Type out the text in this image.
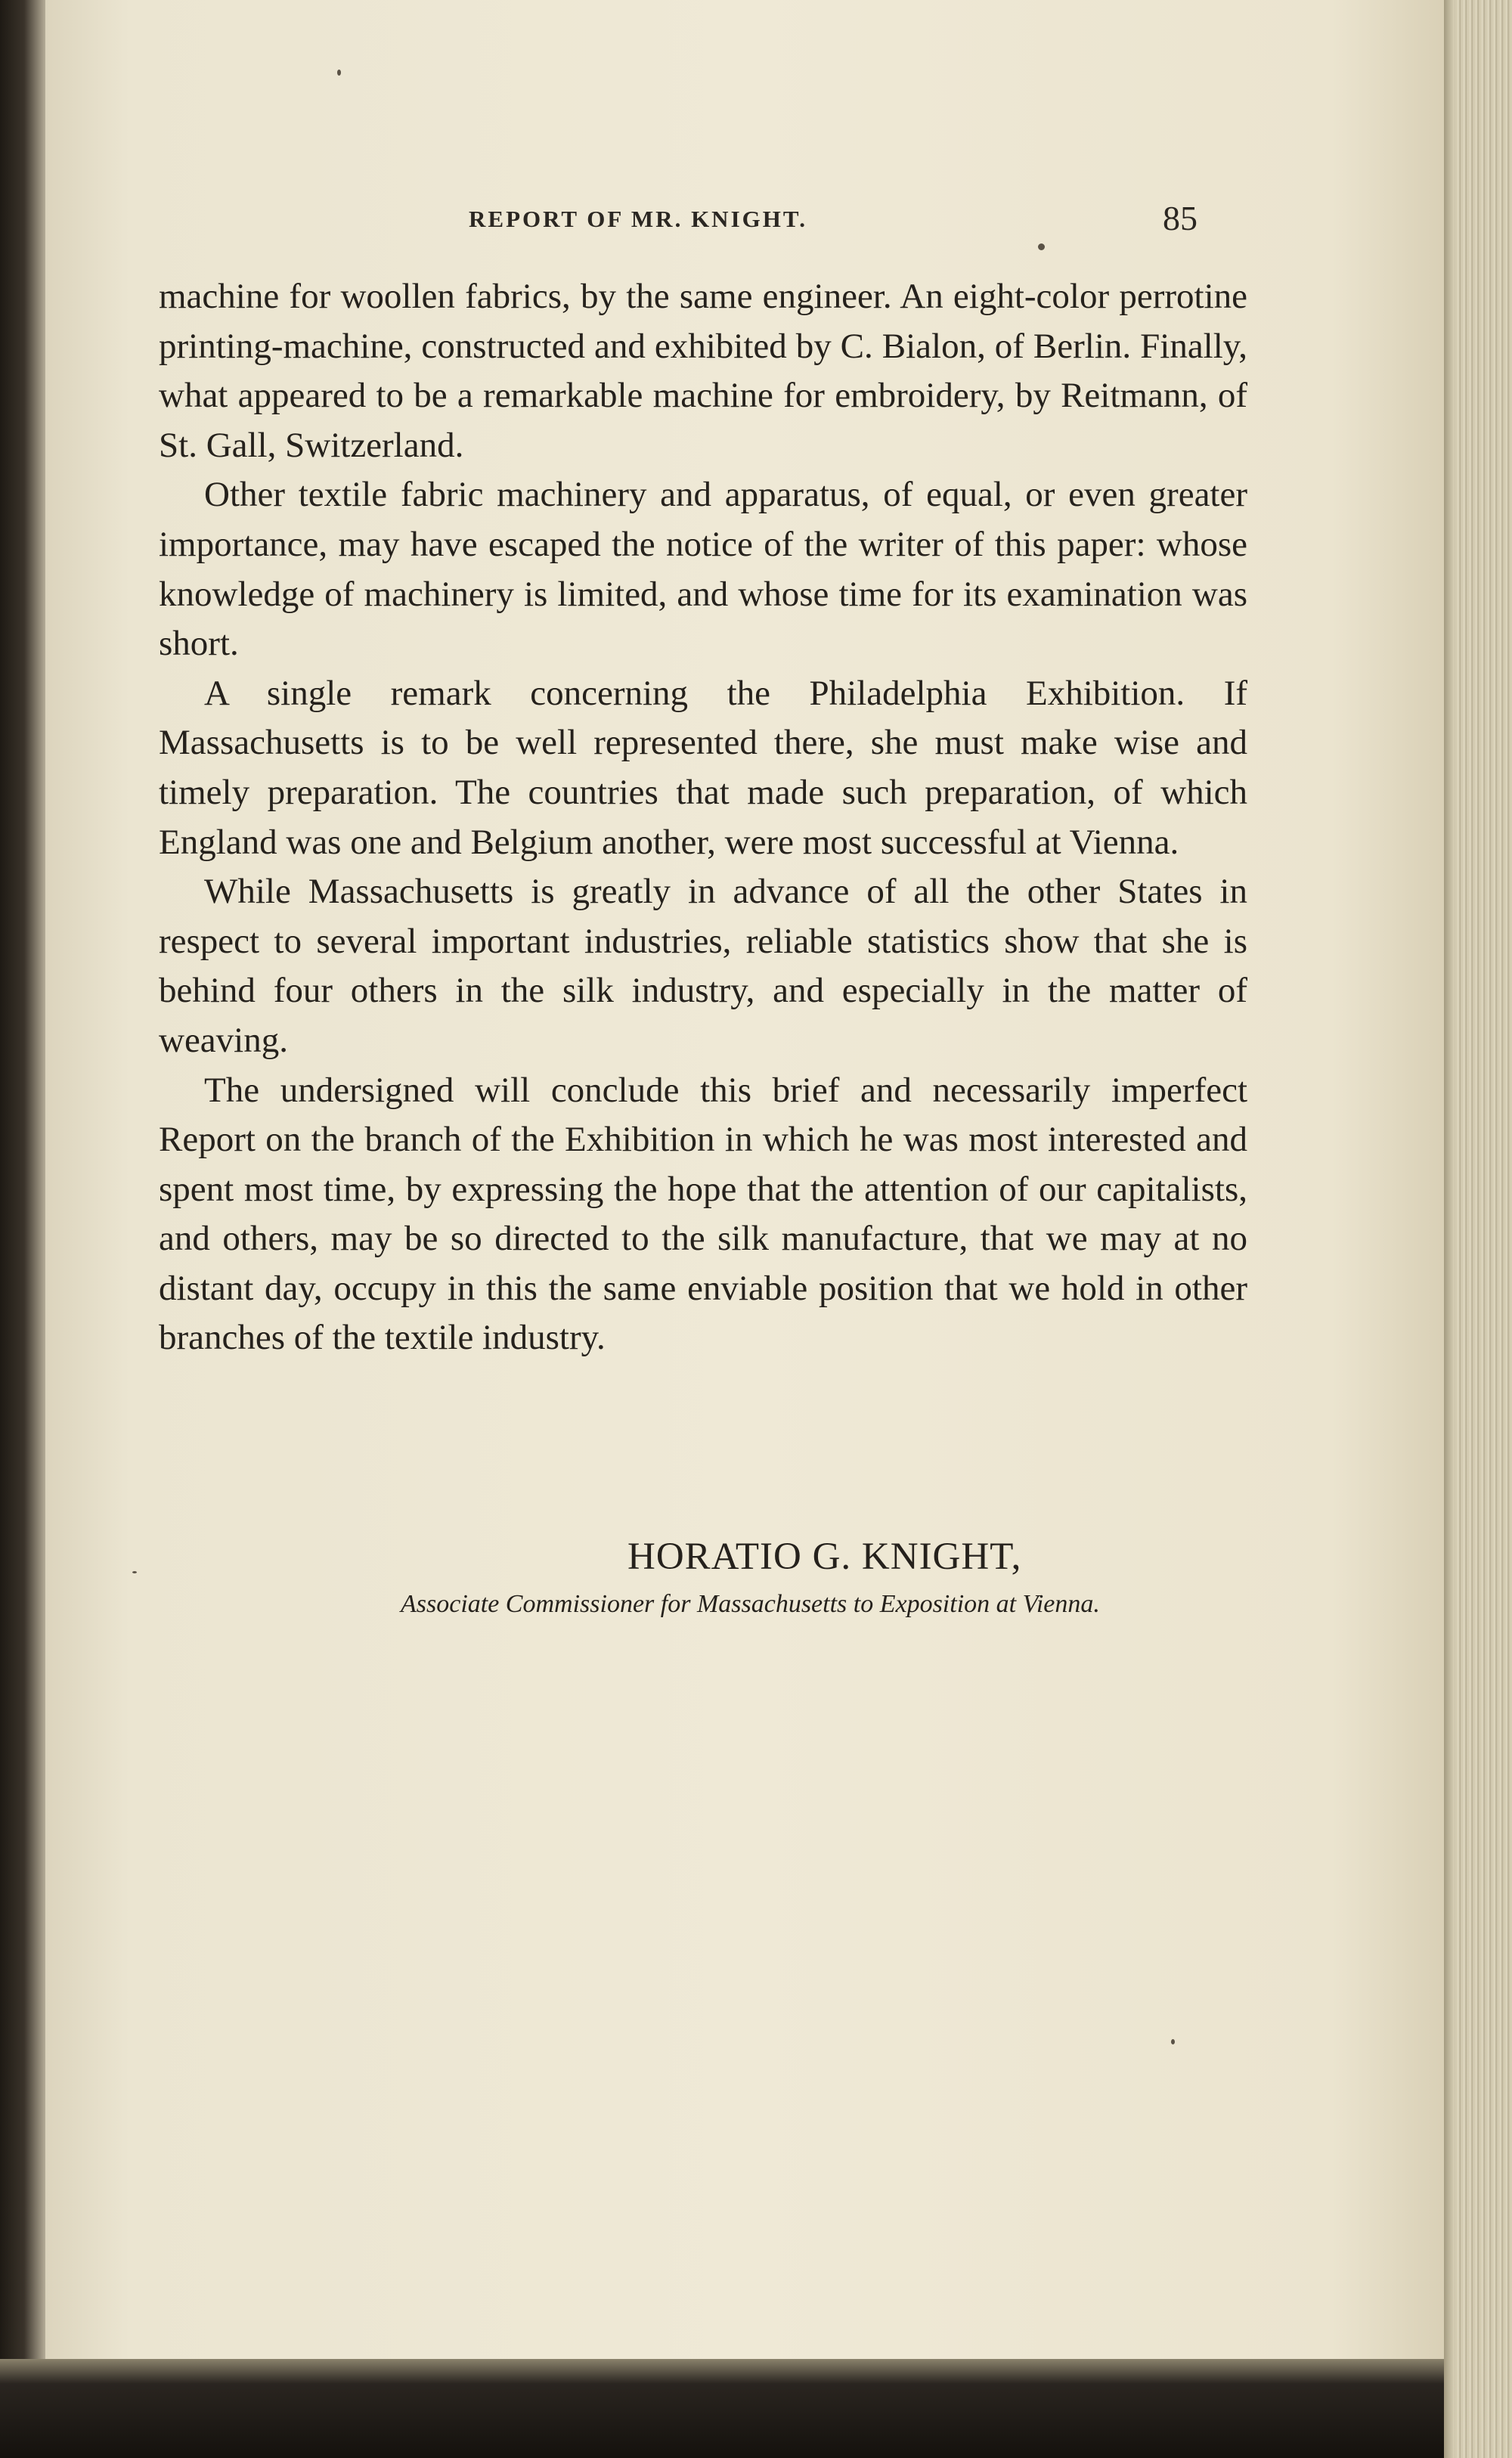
REPORT OF MR. KNIGHT.	85

machine for woollen fabrics, by the same engineer. An eight-color perrotine printing-machine, constructed and exhibited by C. Bialon, of Berlin. Finally, what appeared to be a remarkable machine for embroidery, by Reitmann, of St. Gall, Switzerland.

Other textile fabric machinery and apparatus, of equal, or even greater importance, may have escaped the notice of the writer of this paper: whose knowledge of machinery is limited, and whose time for its examination was short.

A single remark concerning the Philadelphia Exhibition. If Massachusetts is to be well represented there, she must make wise and timely preparation. The countries that made such preparation, of which England was one and Belgium another, were most successful at Vienna.

While Massachusetts is greatly in advance of all the other States in respect to several important industries, reliable statistics show that she is behind four others in the silk industry, and especially in the matter of weaving.

The undersigned will conclude this brief and necessarily imperfect Report on the branch of the Exhibition in which he was most interested and spent most time, by expressing the hope that the attention of our capitalists, and others, may be so directed to the silk manufacture, that we may at no distant day, occupy in this the same enviable position that we hold in other branches of the textile industry.

HORATIO G. KNIGHT,
Associate Commissioner for Massachusetts to Exposition at Vienna.
